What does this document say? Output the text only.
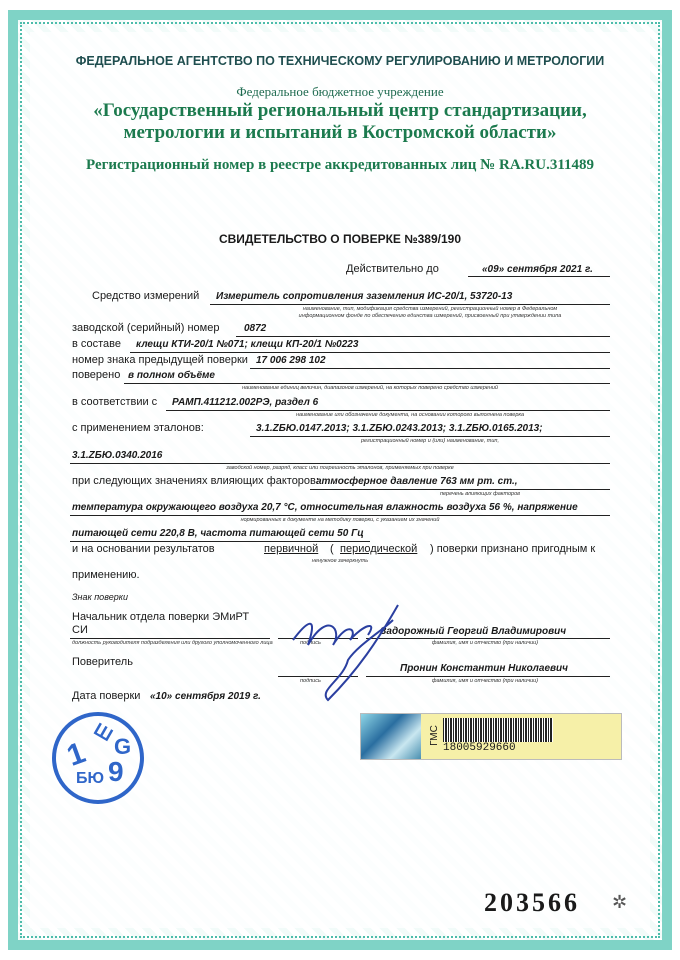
ФЕДЕРАЛЬНОЕ АГЕНТСТВО ПО ТЕХНИЧЕСКОМУ РЕГУЛИРОВАНИЮ И МЕТРОЛОГИИ
Федеральное бюджетное учреждение
«Государственный региональный центр стандартизации,
метрологии и испытаний в Костромской области»
Регистрационный номер в реестре аккредитованных лиц № RA.RU.311489
СВИДЕТЕЛЬСТВО О ПОВЕРКЕ №389/190
Действительно до	«09» сентября 2021 г.
Средство измерений Измеритель сопротивления заземления ИС-20/1, 53720-13
наименование, тип, модификация средства измерений, регистрационный номер в Федеральном
информационном фонде по обеспечению единства измерений, присвоенный при утверждении типа
заводской (серийный) номер 0872
в составе клещи КТИ-20/1 №071; клещи КП-20/1 №0223
номер знака предыдущей поверки 17 006 298 102
поверено в полном объёме
наименование единиц величин, диапазонов измерений, на которых поверено средство измерений
в соответствии с РАМП.411212.002РЭ, раздел 6
наименование или обозначение документа, на основании которого выполнена поверка
с применением эталонов:	3.1.ZБЮ.0147.2013; 3.1.ZБЮ.0243.2013; 3.1.ZБЮ.0165.2013;
регистрационный номер и (или) наименование, тип,
3.1.ZБЮ.0340.2016
заводской номер, разряд, класс или погрешность эталонов, применяемых при поверке
при следующих значениях влияющих факторов:
атмосферное давление 763 мм рт. ст.,
перечень влияющих факторов
температура окружающего воздуха 20,7 °С, относительная влажность воздуха 56 %, напряжение
нормированных в документе на методику поверки, с указанием их значений
питающей сети 220,8 В, частота питающей сети 50 Гц
и на основании результатов	первичной ( периодической ) поверки признано пригодным к
ненужное зачеркнуть
применению.
Знак поверки
Начальник отдела поверки ЭМиРТ
СИ
должность руководителя подразделения или другого уполномоченного лица	подпись
Задорожный Георгий Владимирович
фамилия, имя и отчество (при наличии)
Поверитель
подпись
Пронин Константин Николаевич
фамилия, имя и отчество (при наличии)
Дата поверки «10» сентября 2019 г.
1
Ш
G
БЮ 9
ГМС
18005929660
203566 ✲
